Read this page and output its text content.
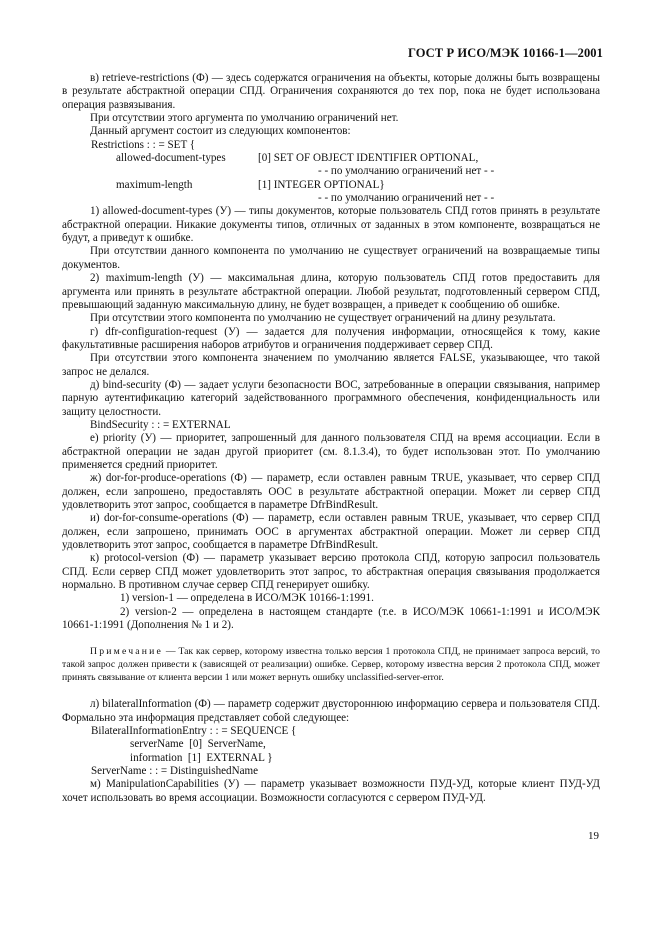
ГОСТ Р ИСО/МЭК 10166-1—2001

в) retrieve-restrictions (Ф) — здесь содержатся ограничения на объекты, которые должны быть возвращены в результате абстрактной операции СПД. Ограничения сохраняются до тех пор, пока не будет использована операция развязывания.

При отсутствии этого аргумента по умолчанию ограничений нет.

Данный аргумент состоит из следующих компонентов:

Restrictions : : = SET {
allowed-document-types	[0] SET OF OBJECT IDENTIFIER OPTIONAL,
- - по умолчанию ограничений нет - -
maximum-length	[1] INTEGER OPTIONAL}
- - по умолчанию ограничений нет - -

1) allowed-document-types (У) — типы документов, которые пользователь СПД готов принять в результате абстрактной операции. Никакие документы типов, отличных от заданных в этом компоненте, возвращаться не будут, а приведут к ошибке.

При отсутствии данного компонента по умолчанию не существует ограничений на возвращаемые типы документов.

2) maximum-length (У) — максимальная длина, которую пользователь СПД готов предоставить для аргумента или принять в результате абстрактной операции. Любой результат, подготовленный сервером СПД, превышающий заданную максимальную длину, не будет возвращен, а приведет к сообщению об ошибке.

При отсутствии этого компонента по умолчанию не существует ограничений на длину результата.

г) dfr-configuration-request (У) — задается для получения информации, относящейся к тому, какие факультативные расширения наборов атрибутов и ограничения поддерживает сервер СПД.

При отсутствии этого компонента значением по умолчанию является FALSE, указывающее, что такой запрос не делался.

д) bind-security (Ф) — задает услуги безопасности ВОС, затребованные в операции связывания, например парную аутентификацию категорий задействованного программного обеспечения, конфиденциальность или защиту целостности.

BindSecurity : : = EXTERNAL

е) priority (У) — приоритет, запрошенный для данного пользователя СПД на время ассоциации. Если в абстрактной операции не задан другой приоритет (см. 8.1.3.4), то будет использован этот. По умолчанию применяется средний приоритет.

ж) dor-for-produce-operations (Ф) — параметр, если оставлен равным TRUE, указывает, что сервер СПД должен, если запрошено, предоставлять ООС в результате абстрактной операции. Может ли сервер СПД удовлетворить этот запрос, сообщается в параметре DfrBindResult.

и) dor-for-consume-operations (Ф) — параметр, если оставлен равным TRUE, указывает, что сервер СПД должен, если запрошено, принимать ООС в аргументах абстрактной операции. Может ли сервер СПД удовлетворить этот запрос, сообщается в параметре DfrBindResult.

к) protocol-version (Ф) — параметр указывает версию протокола СПД, которую запросил пользователь СПД. Если сервер СПД может удовлетворить этот запрос, то абстрактная операция связывания продолжается нормально. В противном случае сервер СПД генерирует ошибку.

1) version-1 — определена в ИСО/МЭК 10166-1:1991.

2) version-2 — определена в настоящем стандарте (т.е. в ИСО/МЭК 10661-1:1991 и ИСО/МЭК 10661-1:1991 (Дополнения № 1 и 2).

Примечание — Так как сервер, которому известна только версия 1 протокола СПД, не принимает запроса версий, то такой запрос должен привести к (зависящей от реализации) ошибке. Сервер, которому известна версия 2 протокола СПД, может принять связывание от клиента версии 1 или может вернуть ошибку unclassified-server-error.

л) bilateralInformation (Ф) — параметр содержит двустороннюю информацию сервера и пользователя СПД. Формально эта информация представляет собой следующее:

BilateralInformationEntry : : = SEQUENCE {
serverName  [0]  ServerName,
information  [1]  EXTERNAL }
ServerName : : = DistinguishedName

м) ManipulationCapabilities (У) — параметр указывает возможности ПУД-УД, которые клиент ПУД-УД хочет использовать во время ассоциации. Возможности согласуются с сервером ПУД-УД.

19
